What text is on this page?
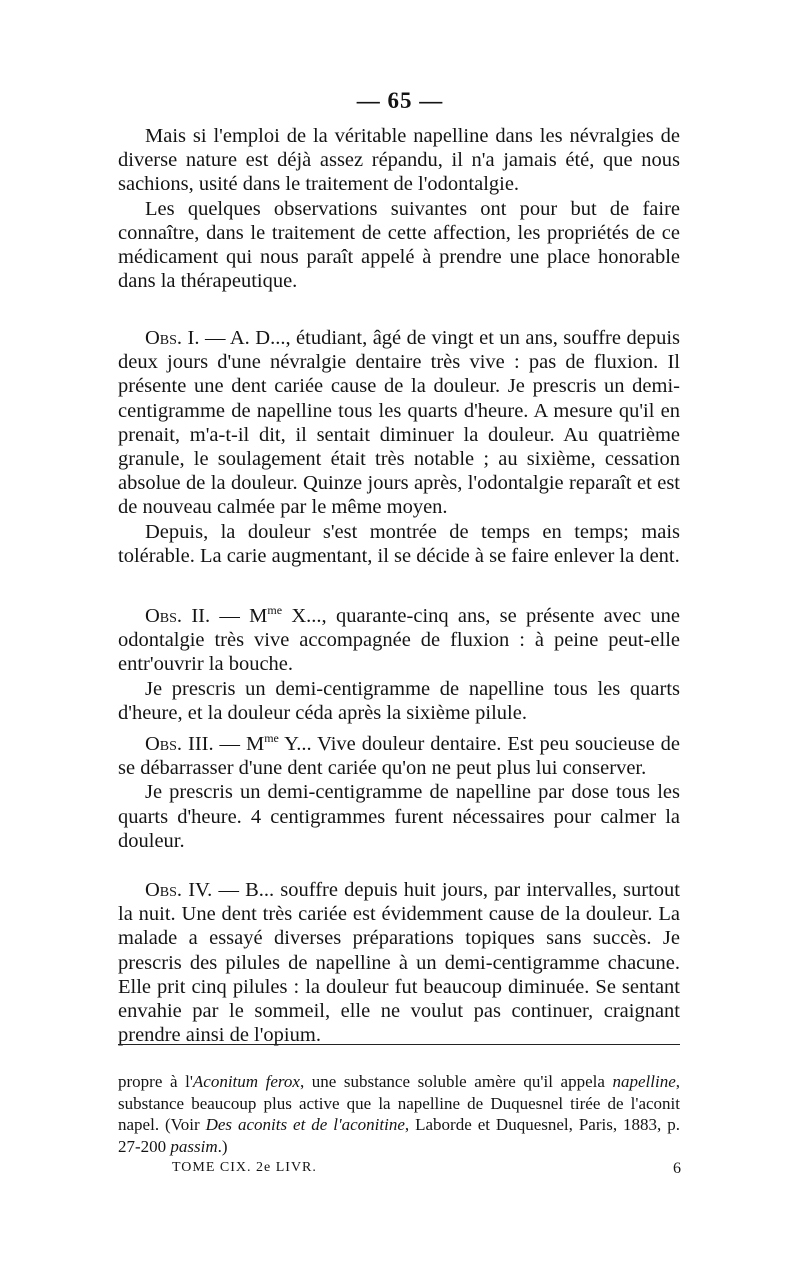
— 65 —

Mais si l'emploi de la véritable napelline dans les névralgies de diverse nature est déjà assez répandu, il n'a jamais été, que nous sachions, usité dans le traitement de l'odontalgie.

Les quelques observations suivantes ont pour but de faire connaître, dans le traitement de cette affection, les propriétés de ce médicament qui nous paraît appelé à prendre une place honorable dans la thérapeutique.

Obs. I. — A. D..., étudiant, âgé de vingt et un ans, souffre depuis deux jours d'une névralgie dentaire très vive : pas de fluxion. Il présente une dent cariée cause de la douleur. Je prescris un demi-centigramme de napelline tous les quarts d'heure. A mesure qu'il en prenait, m'a-t-il dit, il sentait diminuer la douleur. Au quatrième granule, le soulagement était très notable ; au sixième, cessation absolue de la douleur. Quinze jours après, l'odontalgie reparaît et est de nouveau calmée par le même moyen.

Depuis, la douleur s'est montrée de temps en temps; mais tolérable. La carie augmentant, il se décide à se faire enlever la dent.

Obs. II. — $M^{me}$ X..., quarante-cinq ans, se présente avec une odontalgie très vive accompagnée de fluxion : à peine peut-elle entr'ouvrir la bouche.

Je prescris un demi-centigramme de napelline tous les quarts d'heure, et la douleur céda après la sixième pilule.

Obs. III. — $M^{me}$ Y... Vive douleur dentaire. Est peu soucieuse de se débarrasser d'une dent cariée qu'on ne peut plus lui conserver.

Je prescris un demi-centigramme de napelline par dose tous les quarts d'heure. 4 centigrammes furent nécessaires pour calmer la douleur.

Obs. IV. — B... souffre depuis huit jours, par intervalles, surtout la nuit. Une dent très cariée est évidemment cause de la douleur. La malade a essayé diverses préparations topiques sans succès. Je prescris des pilules de napelline à un demi-centigramme chacune. Elle prit cinq pilules : la douleur fut beaucoup diminuée. Se sentant envahie par le sommeil, elle ne voulut pas continuer, craignant prendre ainsi de l'opium.

propre à l'Aconitum ferox, une substance soluble amère qu'il appela napelline, substance beaucoup plus active que la napelline de Duquesnel tirée de l'aconit napel. (Voir Des aconits et de l'aconitine, Laborde et Duquesnel, Paris, 1883, p. 27-200 passim.)

TOME CIX. 2e LIVR.	6
